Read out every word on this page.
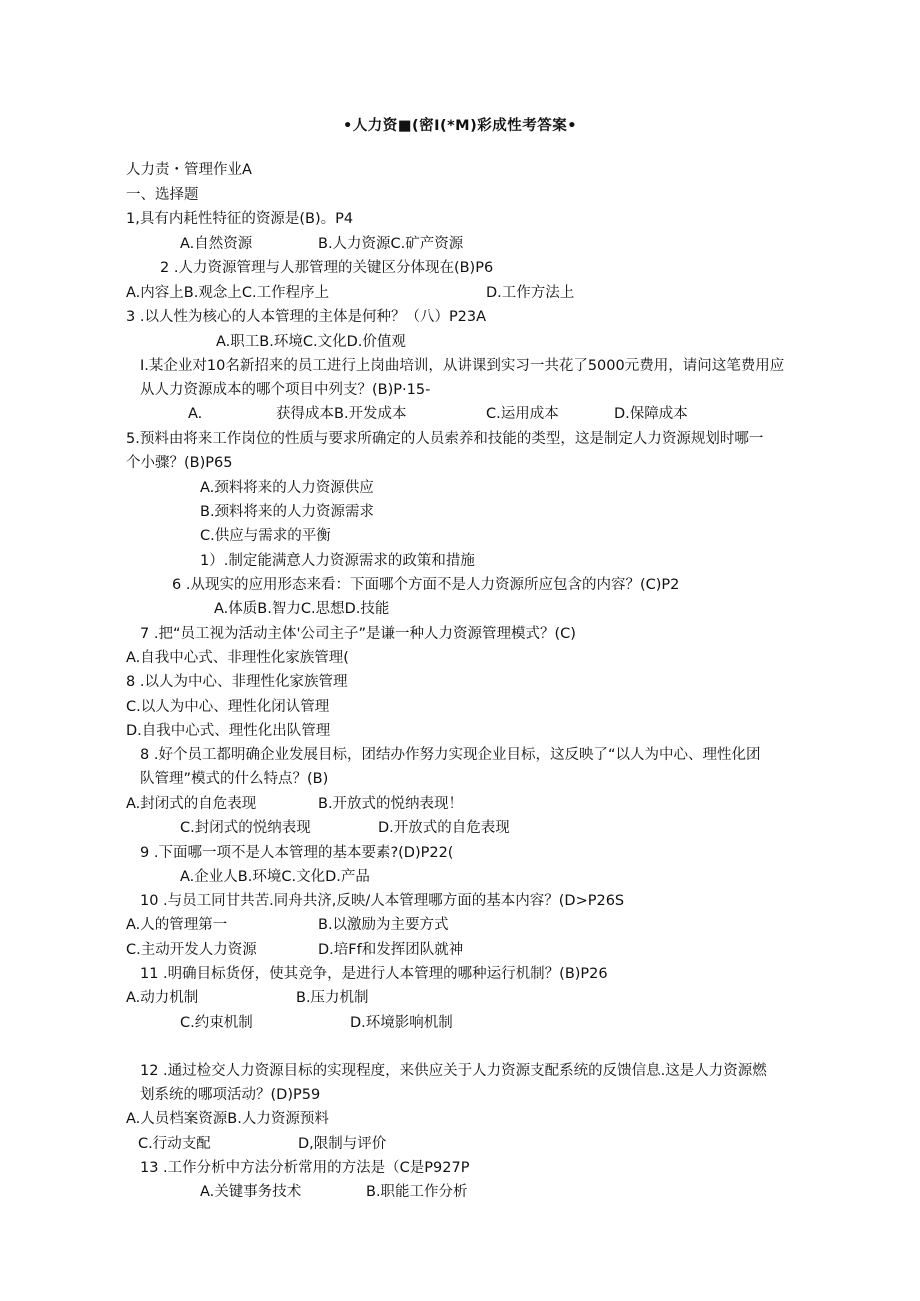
•人力资■(密I(*M)彩成性考答案•
人力责・管理作业A
一、选择题
1,具有内耗性特征的资源是(B)。P4
A.自然资源	B.人力资源C.矿产资源
2 .人力资源管理与人那管理的关键区分体现在(B)P6
A.内容上B.观念上C.工作程序上	D.工作方法上
3 .以人性为核心的人本管理的主体是何种？（八）P23A
A.职工B.环境C.文化D.价值观
I.某企业对10名新招来的员工进行上岗曲培训，从讲课到实习一共花了5000元费用，请问这笔费用应
从人力资源成本的哪个项目中列支？(B)P·15-
A.	获得成本B.开发成本	C.运用成本	D.保障成本
5.预料由将来工作岗位的性质与要求所确定的人员索养和技能的类型，这是制定人力资源规划时哪一
个小骤？(B)P65
A.颈料将来的人力资源供应
B.颈料将来的人力资源需求
C.供应与需求的平衡
1）.制定能满意人力资源需求的政策和措施
6 .从现实的应用形态来看：下面哪个方面不是人力资源所应包含的内容？(C)P2
A.体质B.智力C.思想D.技能
7 .把“员工视为活动主体'公司主子”是谦一种人力资源管理模式？(C)
A.自我中心式、非理性化家族管理(
8 .以人为中心、非理性化家族管理
C.以人为中心、理性化闭认管理
D.自我中心式、理性化出队管理
8 .好个员工都明确企业发展目标，团结办作努力实现企业目标，这反映了“以人为中心、理性化团
队管理”模式的什么特点？(B)
A.封闭式的自危表现	B.开放式的悦纳表现！
C.封闭式的悦纳表现	D.开放式的自危表现
9 .下面哪一项不是人本管理的基本要素?(D)P22(
A.企业人B.环境C.文化D.产品
10 .与员工同甘共苦.同舟共济,反映/人本管理哪方面的基本内容？(D>P26S
A.人的管理第一	B.以激励为主要方式
C.主动开发人力资源	D.培Ff和发挥团队就神
11 .明确目标货伢，使其竞争，是进行人本管理的哪种运行机制？(B)P26
A.动力机制	B.压力机制
C.约束机制	D.环境影响机制
12 .通过检交人力资源目标的实现程度，来供应关于人力资源支配系统的反馈信息.这是人力资源燃
划系统的哪项活动？(D)P59
A.人员档案资源B.人力资源预料
C.行动支配	D,限制与评价
13 .工作分析中方法分析常用的方法是（C是P927P
A.关键事务技术	B.职能工作分析
